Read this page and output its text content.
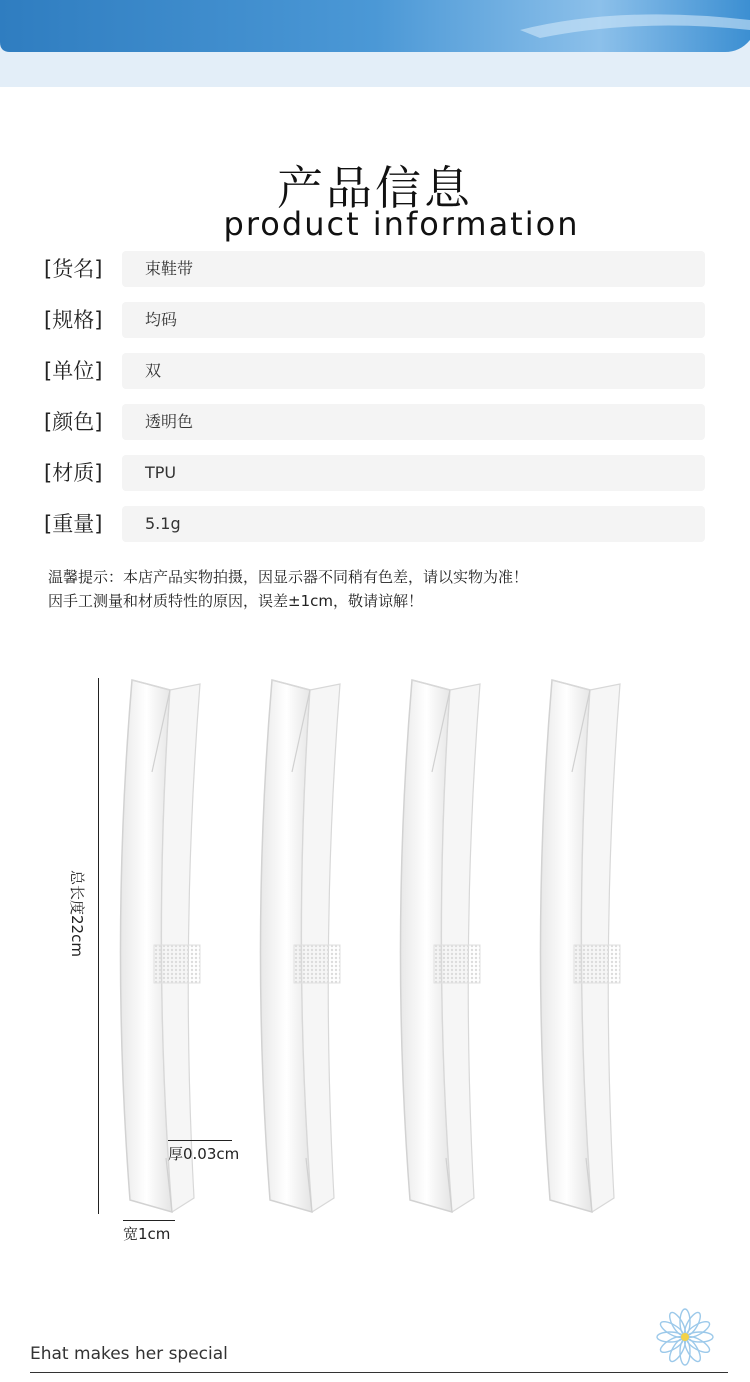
产品信息
product information
[货名]	束鞋带
[规格]	均码
[单位]	双
[颜色]	透明色
[材质]	TPU
[重量]	5.1g
温馨提示：本店产品实物拍摄，因显示器不同稍有色差，请以实物为准！
因手工测量和材质特性的原因，误差±1cm，敬请谅解！
总长度22cm
厚0.03cm
宽1cm
Ehat makes her special
